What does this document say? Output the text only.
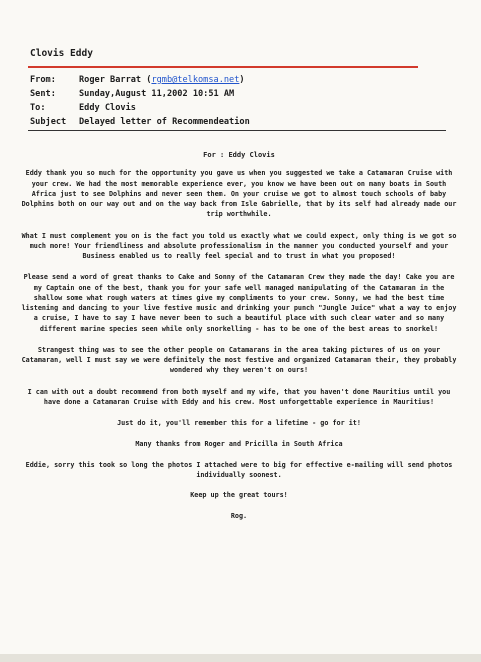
Clovis Eddy
From:	Roger Barrat (rgmb@telkomsa.net)
Sent:	Sunday,August 11,2002 10:51 AM
To:	Eddy Clovis
Subject	Delayed letter of Recommendeation

For : Eddy Clovis

Eddy thank you so much for the opportunity you gave us when you suggested we take a Catamaran Cruise with your crew. We had the most memorable experience ever, you know we have been out on many boats in South Africa just to see Dolphins and never seen them. On your cruise we got to almost touch schools of baby Dolphins both on our way out and on the way back from Isle Gabrielle, that by its self had already made our trip worthwhile.

What I must complement you on is the fact you told us exactly what we could expect, only thing is we got so much more! Your friendliness and absolute professionalism in the manner you conducted yourself and your Business enabled us to really feel special and to trust in what you proposed!

Please send a word of great thanks to Cake and Sonny of the Catamaran Crew they made the day! Cake you are my Captain one of the best, thank you for your safe well managed manipulating of the Catamaran in the shallow some what rough waters at times give my compliments to your crew. Sonny, we had the best time listening and dancing to your live festive music and drinking your punch "Jungle Juice" what a way to enjoy a cruise, I have to say I have never been to such a beautiful place with such clear water and so many different marine species seen while only snorkelling - has to be one of the best areas to snorkel!

Strangest thing was to see the other people on Catamarans in the area taking pictures of us on your Catamaran, well I must say we were definitely the most festive and organized Catamaran their, they probably wondered why they weren't on ours!

I can with out a doubt recommend from both myself and my wife, that you haven't done Mauritius until you have done a Catamaran Cruise with Eddy and his crew. Most unforgettable experience in Mauritius!

Just do it, you'll remember this for a lifetime - go for it!

Many thanks from Roger and Pricilla in South Africa

Eddie, sorry this took so long the photos I attached were to big for effective e-mailing will send photos individually soonest.

Keep up the great tours!

Rog.
